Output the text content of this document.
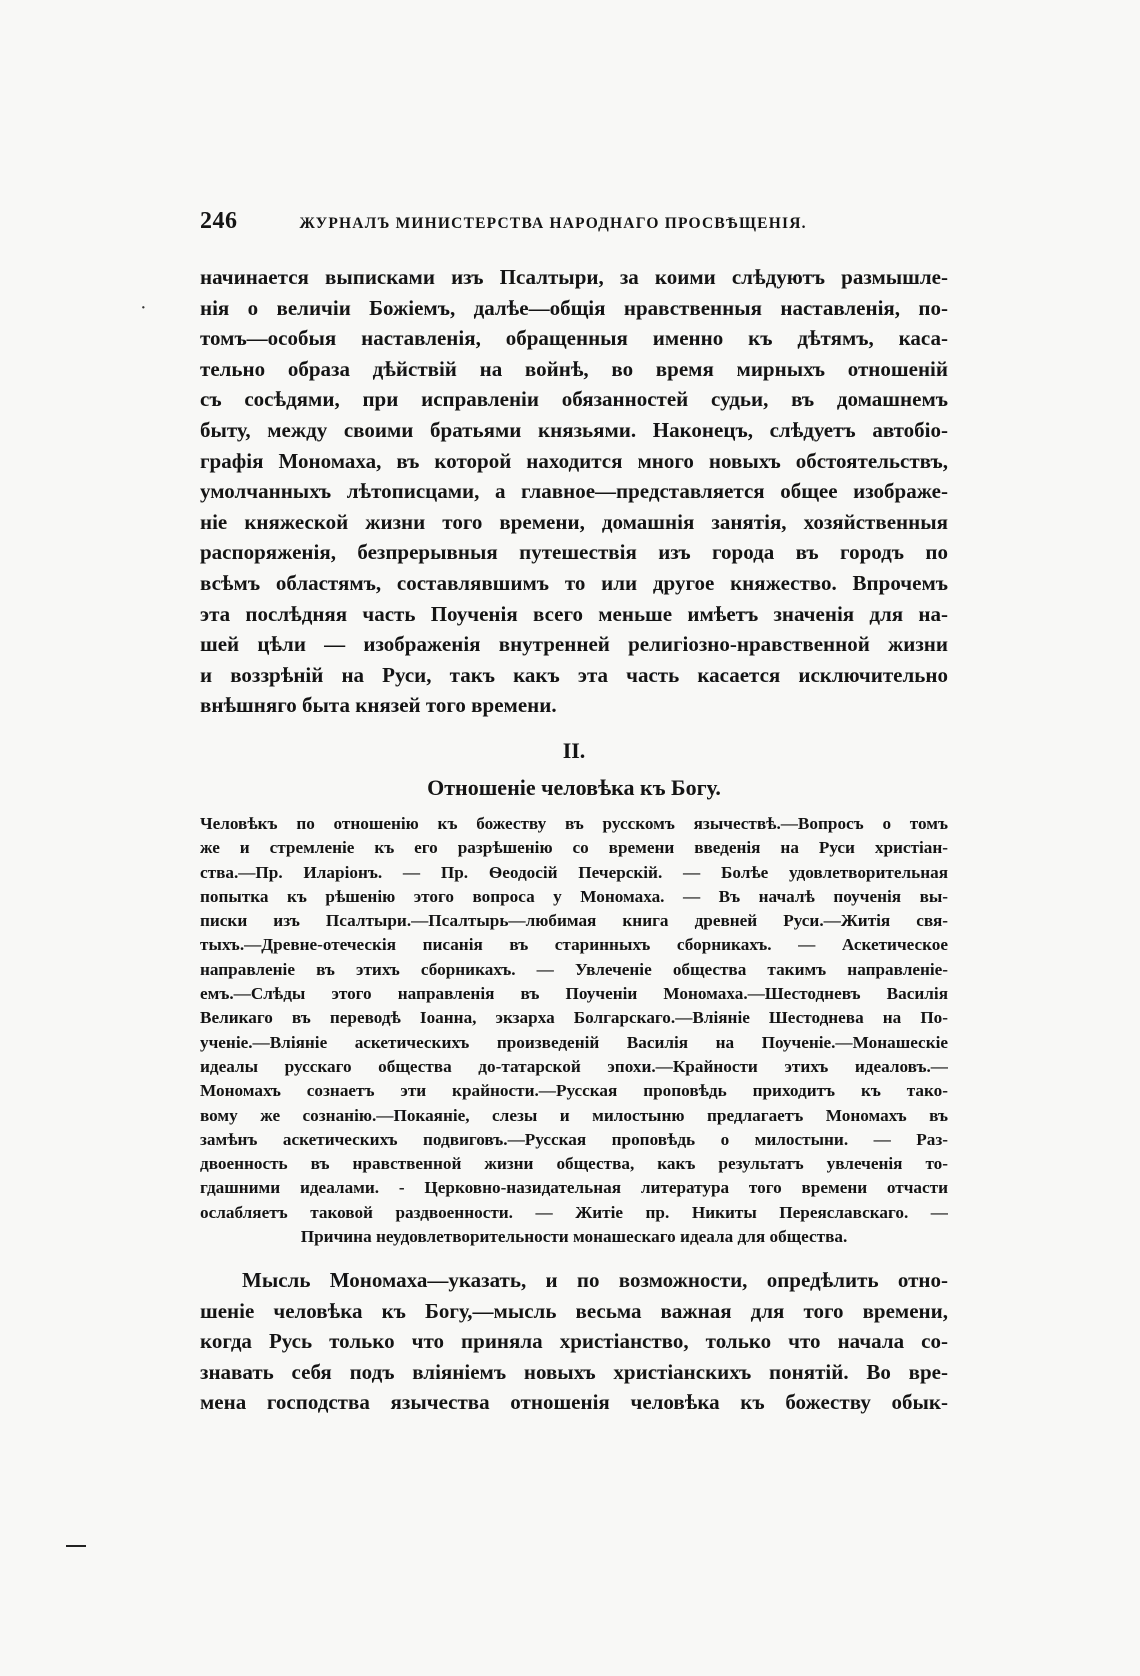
246	ЖУРНАЛЪ МИНИСТЕРСТВА НАРОДНАГО ПРОСВѢЩЕНІЯ.
·
начинается выписками изъ Псалтыри, за коими слѣдуютъ размышле-
нія о величіи Божіемъ, далѣе—общія нравственныя наставленія, по-
томъ—особыя наставленія, обращенныя именно къ дѣтямъ, каса-
тельно образа дѣйствій на войнѣ, во время мирныхъ отношеній
съ сосѣдями, при исправленіи обязанностей судьи, въ домашнемъ
быту, между своими братьями князьями. Наконецъ, слѣдуетъ автобіо-
графія Мономаха, въ которой находится много новыхъ обстоятельствъ,
умолчанныхъ лѣтописцами, а главное—представляется общее изображе-
ніе княжеской жизни того времени, домашнія занятія, хозяйственныя
распоряженія, безпрерывныя путешествія изъ города въ городъ по
всѣмъ областямъ, составлявшимъ то или другое княжество. Впрочемъ
эта послѣдняя часть Поученія всего меньше имѣетъ значенія для на-
шей цѣли — изображенія внутренней религіозно-нравственной жизни
и воззрѣній на Руси, такъ какъ эта часть касается исключительно
внѣшняго быта князей того времени.
II.
Отношеніе человѣка къ Богу.
Человѣкъ по отношенію къ божеству въ русскомъ язычествѣ.—Вопросъ о томъ
же и стремленіе къ его разрѣшенію со времени введенія на Руси христіан-
ства.—Пр. Иларіонъ. — Пр. Ѳеодосій Печерскій. — Болѣе удовлетворительная
попытка къ рѣшенію этого вопроса у Мономаха. — Въ началѣ поученія вы-
писки изъ Псалтыри.—Псалтырь—любимая книга древней Руси.—Житія свя-
тыхъ.—Древне-отеческія писанія въ старинныхъ сборникахъ. — Аскетическое
направленіе въ этихъ сборникахъ. — Увлеченіе общества такимъ направленіе-
емъ.—Слѣды этого направленія въ Поученіи Мономаха.—Шестодневъ Василія
Великаго въ переводѣ Іоанна, экзарха Болгарскаго.—Вліяніе Шестоднева на По-
ученіе.—Вліяніе аскетическихъ произведеній Василія на Поученіе.—Монашескіе
идеалы русскаго общества до-татарской эпохи.—Крайности этихъ идеаловъ.—
Мономахъ сознаетъ эти крайности.—Русская проповѣдь приходитъ къ тако-
вому же сознанію.—Покаяніе, слезы и милостыню предлагаетъ Мономахъ въ
замѣнъ аскетическихъ подвиговъ.—Русская проповѣдь о милостыни. — Раз-
двоенность въ нравственной жизни общества, какъ результатъ увлеченія то-
гдашними идеалами. - Церковно-назидательная литература того времени отчасти
ослабляетъ таковой раздвоенности. — Житіе пр. Никиты Переяславскаго. —
Причина неудовлетворительности монашескаго идеала для общества.
Мысль Мономаха—указать, и по возможности, опредѣлить отно-
шеніе человѣка къ Богу,—мысль весьма важная для того времени,
когда Русь только что приняла христіанство, только что начала со-
знавать себя подъ вліяніемъ новыхъ христіанскихъ понятій. Во вре-
мена господства язычества отношенія человѣка къ божеству обык-
